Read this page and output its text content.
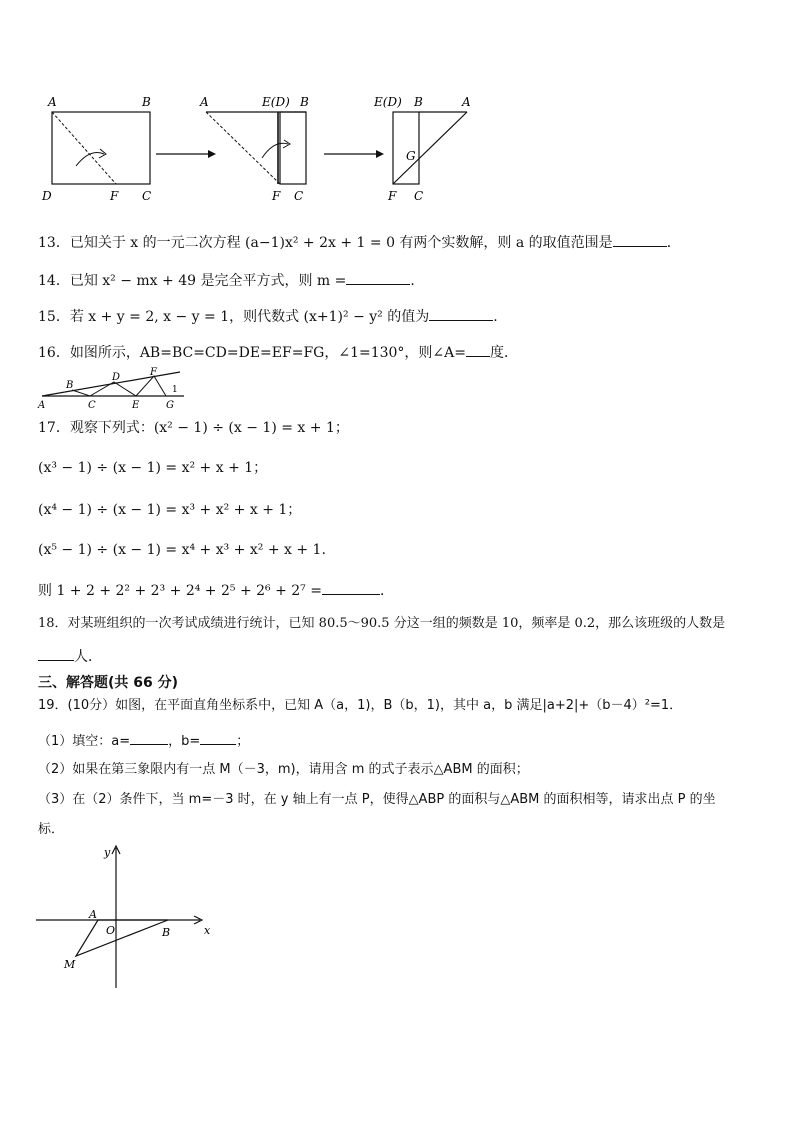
A	B
D	F C
A	E(D) B
F C
E(D) B	A
G
F C
13．已知关于 x 的一元二次方程 (a−1)x² + 2x + 1 = 0 有两个实数解，则 a 的取值范围是	．
14．已知 x² − mx + 49 是完全平方式，则 m =	.
15．若 x + y = 2, x − y = 1，则代数式 (x+1)² − y² 的值为	.
16．如图所示，AB=BC=CD=DE=EF=FG，∠1=130°，则∠A= 度．
A
B
C
D
E
F
G
1
17．观察下列式：(x² − 1) ÷ (x − 1) = x + 1；
(x³ − 1) ÷ (x − 1) = x² + x + 1；
(x⁴ − 1) ÷ (x − 1) = x³ + x² + x + 1；
(x⁵ − 1) ÷ (x − 1) = x⁴ + x³ + x² + x + 1.
则 1 + 2 + 2² + 2³ + 2⁴ + 2⁵ + 2⁶ + 2⁷ =	．
18．对某班组织的一次考试成绩进行统计，已知 80.5～90.5 分这一组的频数是 10，频率是 0.2，那么该班级的人数是
人．
三、解答题(共 66 分)
19．(10分）如图，在平面直角坐标系中，已知 A（a，1)，B（b，1)，其中 a，b 满足|a+2|+（b－4）²=1．
（1）填空：a=	，b=	；
（2）如果在第三象限内有一点 M（－3，m)，请用含 m 的式子表示△ABM 的面积；
（3）在（2）条件下，当 m=－3 时，在 y 轴上有一点 P，使得△ABP 的面积与△ABM 的面积相等，请求出点 P 的坐
标．
x
y
O
A
B
M
